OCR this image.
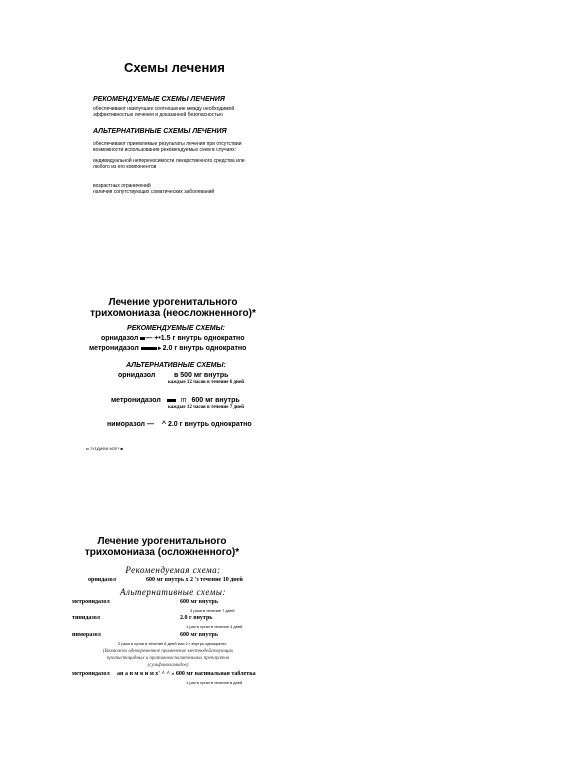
Схемы лечения
РЕКОМЕНДУЕМЫЕ СХЕМЫ ЛЕЧЕНИЯ
обеспечивают наилучшее соотношение между необходимой
эффективностью лечения и доказанной безопасностью
АЛЬТЕРНАТИВНЫЕ СХЕМЫ ЛЕЧЕНИЯ
обеспечивают приемлемые результаты лечения при отсутствии
возможности использования рекомендуемых схем в случаях:
индивидуальной непереносимости лекарственного средства или
любого из его компонентов
возрастных ограничений
наличия сопутствующих соматических заболеваний
Лечение урогенитального
трихомониаза (неосложненного)*
РЕКОМЕНДУЕМЫЕ СХЕМЫ:
орнидазол — +•1.5 г внутрь однократно
метронидазол	►2.0 г внутрь однократно
АЛЬТЕРНАТИВНЫЕ СХЕМЫ:
орнидазол	в 500 мг внутрь
каждые 12 часов в течение 6 дней
метронидазол	m 600 мг внутрь
каждые 12 часов в течение 7 дней
ниморазол — ^ 2.0 г внутрь однократно
м ?У1ДИФИ МЭГ* ■
Лечение урогенитального
трихомониаза (осложненного)*
Рекомендуемая схема:
орнидазол	600 мг внутрь х 2 'з течение 10 дней
Альтернативные схемы:
метронидазол	600 мг внутрь
3 раза в течение 7 дней
тинидазол	2.0 г внутрь
1 раз в сутки в течение 3 дней
ниморазол	600 мг внутрь
2 раза в сутки в течение 6 дней или 2 г внутрь однократно
(Возможно одновременное применение местнодействующих
протистоцидных и противовоспалительных препаратов
(сульфаниламидов)
метронидазол ан а н м в и м x' ^ ^ » 600 мг вагинальная таблетка
1 раз в сутки в течение в дней
